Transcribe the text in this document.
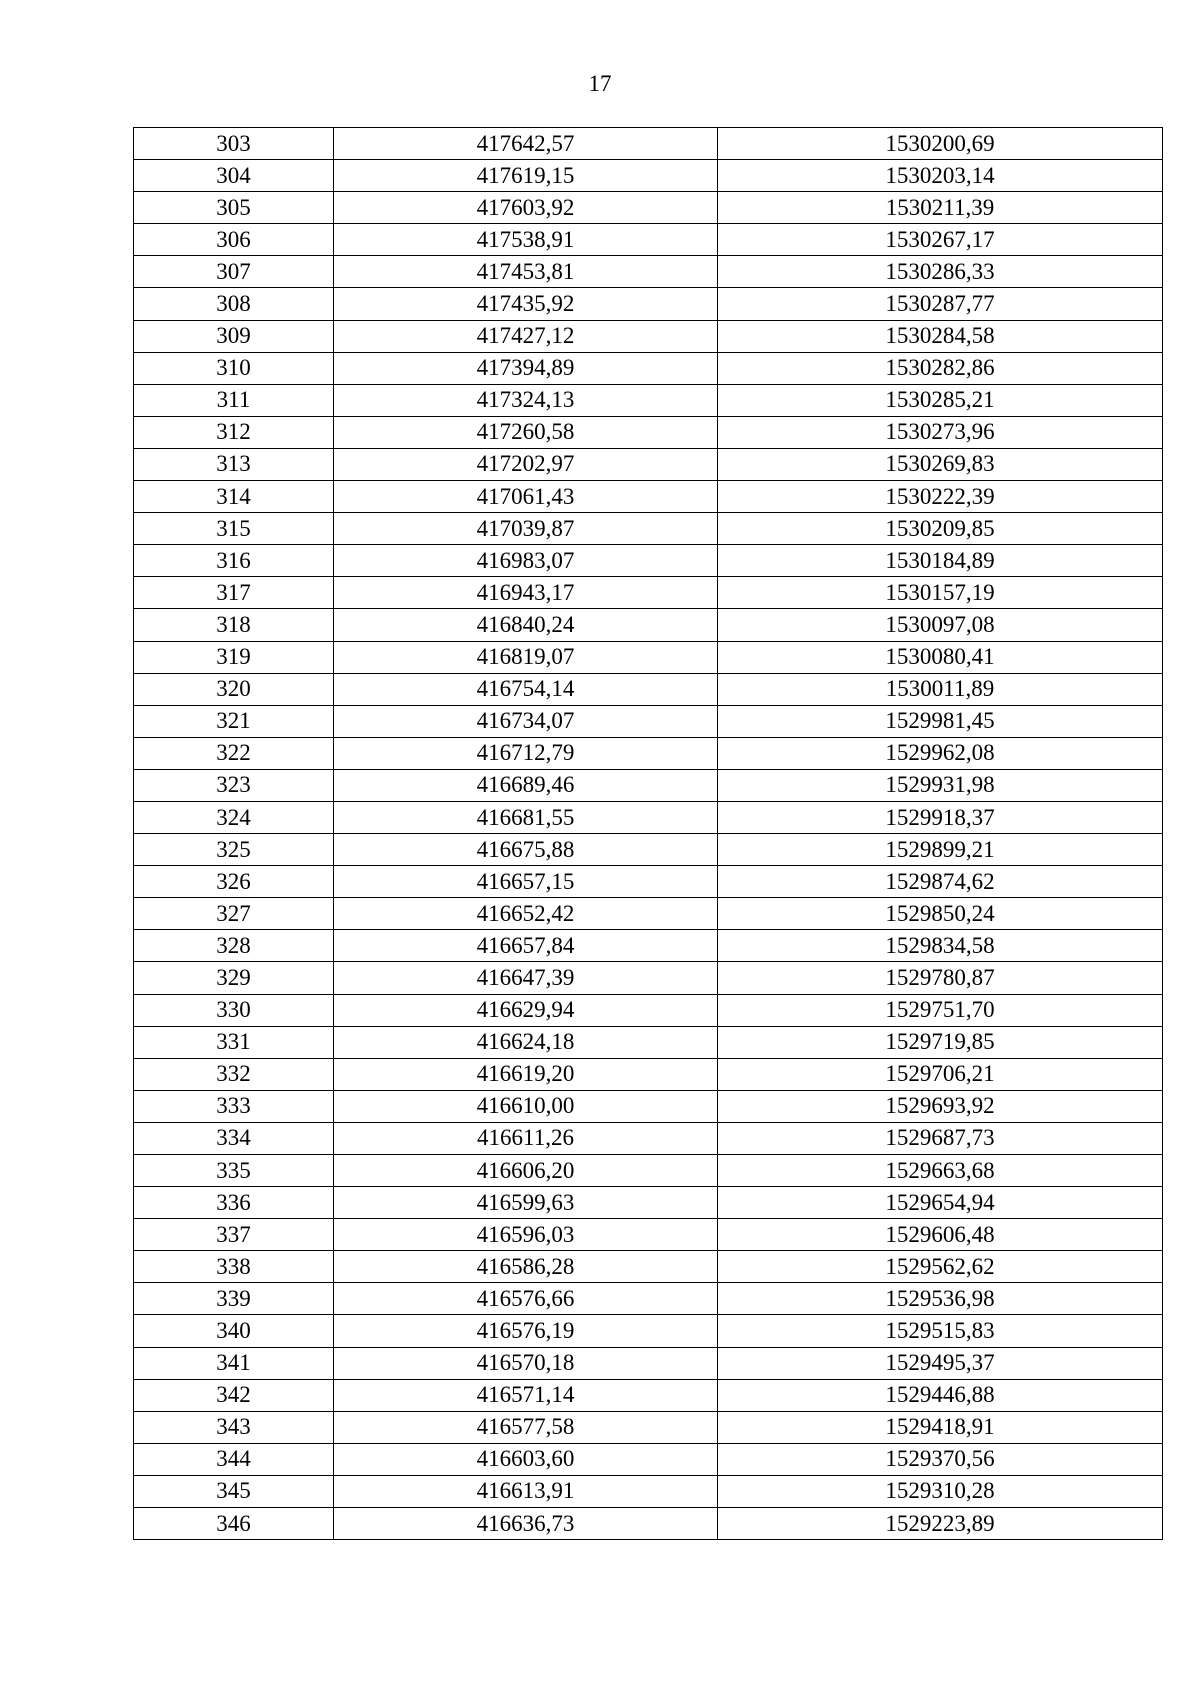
17
303	417642,57	1530200,69
304	417619,15	1530203,14
305	417603,92	1530211,39
306	417538,91	1530267,17
307	417453,81	1530286,33
308	417435,92	1530287,77
309	417427,12	1530284,58
310	417394,89	1530282,86
311	417324,13	1530285,21
312	417260,58	1530273,96
313	417202,97	1530269,83
314	417061,43	1530222,39
315	417039,87	1530209,85
316	416983,07	1530184,89
317	416943,17	1530157,19
318	416840,24	1530097,08
319	416819,07	1530080,41
320	416754,14	1530011,89
321	416734,07	1529981,45
322	416712,79	1529962,08
323	416689,46	1529931,98
324	416681,55	1529918,37
325	416675,88	1529899,21
326	416657,15	1529874,62
327	416652,42	1529850,24
328	416657,84	1529834,58
329	416647,39	1529780,87
330	416629,94	1529751,70
331	416624,18	1529719,85
332	416619,20	1529706,21
333	416610,00	1529693,92
334	416611,26	1529687,73
335	416606,20	1529663,68
336	416599,63	1529654,94
337	416596,03	1529606,48
338	416586,28	1529562,62
339	416576,66	1529536,98
340	416576,19	1529515,83
341	416570,18	1529495,37
342	416571,14	1529446,88
343	416577,58	1529418,91
344	416603,60	1529370,56
345	416613,91	1529310,28
346	416636,73	1529223,89
